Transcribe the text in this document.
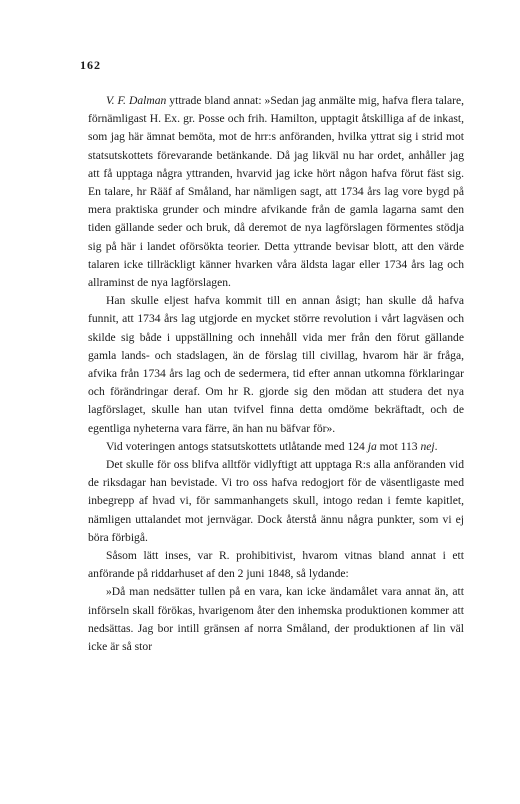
162

V. F. Dalman yttrade bland annat: »Sedan jag anmälte mig, hafva flera talare, förnämligast H. Ex. gr. Posse och frih. Hamilton, upptagit åtskilliga af de inkast, som jag här ämnat bemöta, mot de hrr:s anföranden, hvilka yttrat sig i strid mot statsutskottets förevarande betänkande. Då jag likväl nu har ordet, anhåller jag att få upptaga några yttranden, hvarvid jag icke hört någon hafva förut fäst sig. En talare, hr Rääf af Småland, har nämligen sagt, att 1734 års lag vore bygd på mera praktiska grunder och mindre afvikande från de gamla lagarna samt den tiden gällande seder och bruk, då deremot de nya lagförslagen förmentes stödja sig på här i landet oförsökta teorier. Detta yttrande bevisar blott, att den värde talaren icke tillräckligt känner hvarken våra äldsta lagar eller 1734 års lag och allraminst de nya lagförslagen.

Han skulle eljest hafva kommit till en annan åsigt; han skulle då hafva funnit, att 1734 års lag utgjorde en mycket större revolution i vårt lagväsen och skilde sig både i uppställning och innehåll vida mer från den förut gällande gamla lands- och stadslagen, än de förslag till civillag, hvarom här är fråga, afvika från 1734 års lag och de sedermera, tid efter annan utkomna förklaringar och förändringar deraf. Om hr R. gjorde sig den mödan att studera det nya lagförslaget, skulle han utan tvifvel finna detta omdöme bekräftadt, och de egentliga nyheterna vara färre, än han nu bäfvar för».

Vid voteringen antogs statsutskottets utlåtande med 124 ja mot 113 nej.

Det skulle för oss blifva alltför vidlyftigt att upptaga R:s alla anföranden vid de riksdagar han bevistade. Vi tro oss hafva redogjort för de väsentligaste med inbegrepp af hvad vi, för sammanhangets skull, intogo redan i femte kapitlet, nämligen uttalandet mot jernvägar. Dock återstå ännu några punkter, som vi ej böra förbigå.

Såsom lätt inses, var R. prohibitivist, hvarom vitnas bland annat i ett anförande på riddarhuset af den 2 juni 1848, så lydande:

»Då man nedsätter tullen på en vara, kan icke ändamålet vara annat än, att införseln skall förökas, hvarigenom åter den inhemska produktionen kommer att nedsättas. Jag bor intill gränsen af norra Småland, der produktionen af lin väl icke är så stor
